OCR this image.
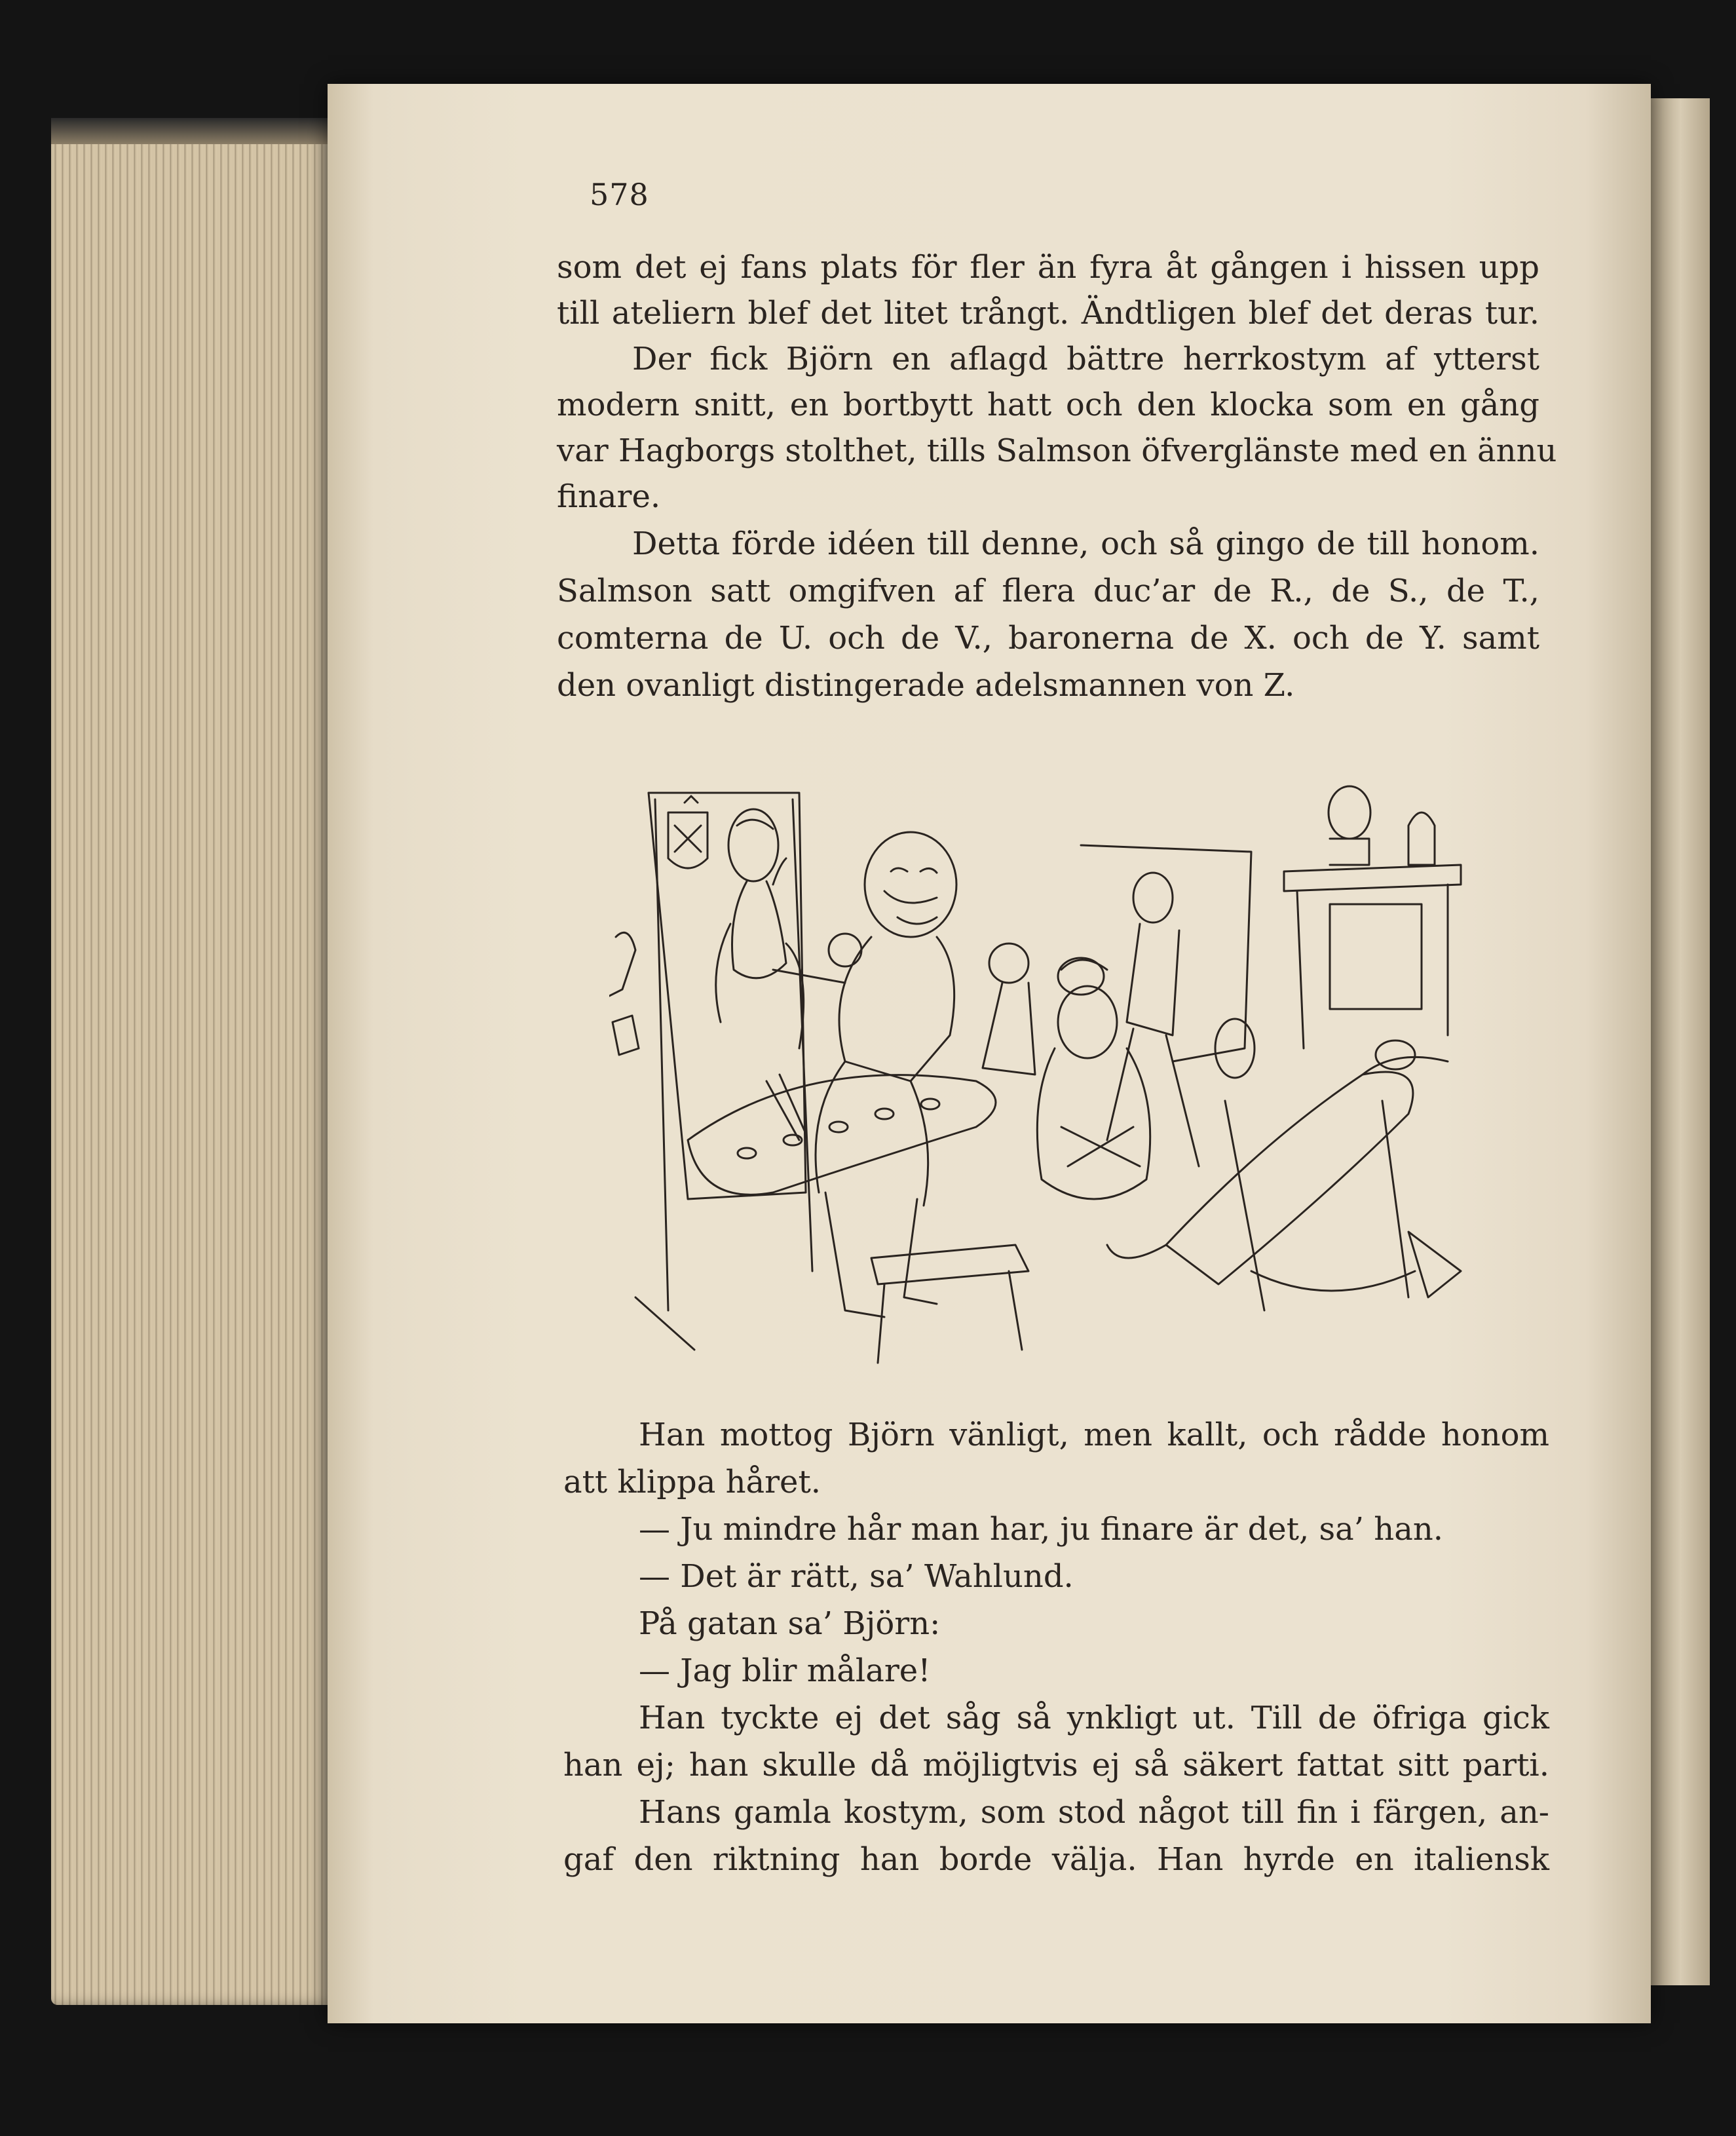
578
som det ej fans plats för fler än fyra åt gången i hissen upp
till ateliern blef det litet trångt. Ändtligen blef det deras tur.
Der fick Björn en aflagd bättre herrkostym af ytterst
modern snitt, en bortbytt hatt och den klocka som en gång
var Hagborgs stolthet, tills Salmson öfverglänste med en ännu
finare.
Detta förde idéen till denne, och så gingo de till honom.
Salmson satt omgifven af flera duc’ar de R., de S., de T.,
comterna de U. och de V., baronerna de X. och de Y. samt
den ovanligt distingerade adelsmannen von Z.
Han mottog Björn vänligt, men kallt, och rådde honom
att klippa håret.
— Ju mindre hår man har, ju finare är det, sa’ han.
— Det är rätt, sa’ Wahlund.
På gatan sa’ Björn:
— Jag blir målare!
Han tyckte ej det såg så ynkligt ut. Till de öfriga gick
han ej; han skulle då möjligtvis ej så säkert fattat sitt parti.
Hans gamla kostym, som stod något till fin i färgen, an-
gaf den riktning han borde välja. Han hyrde en italiensk
